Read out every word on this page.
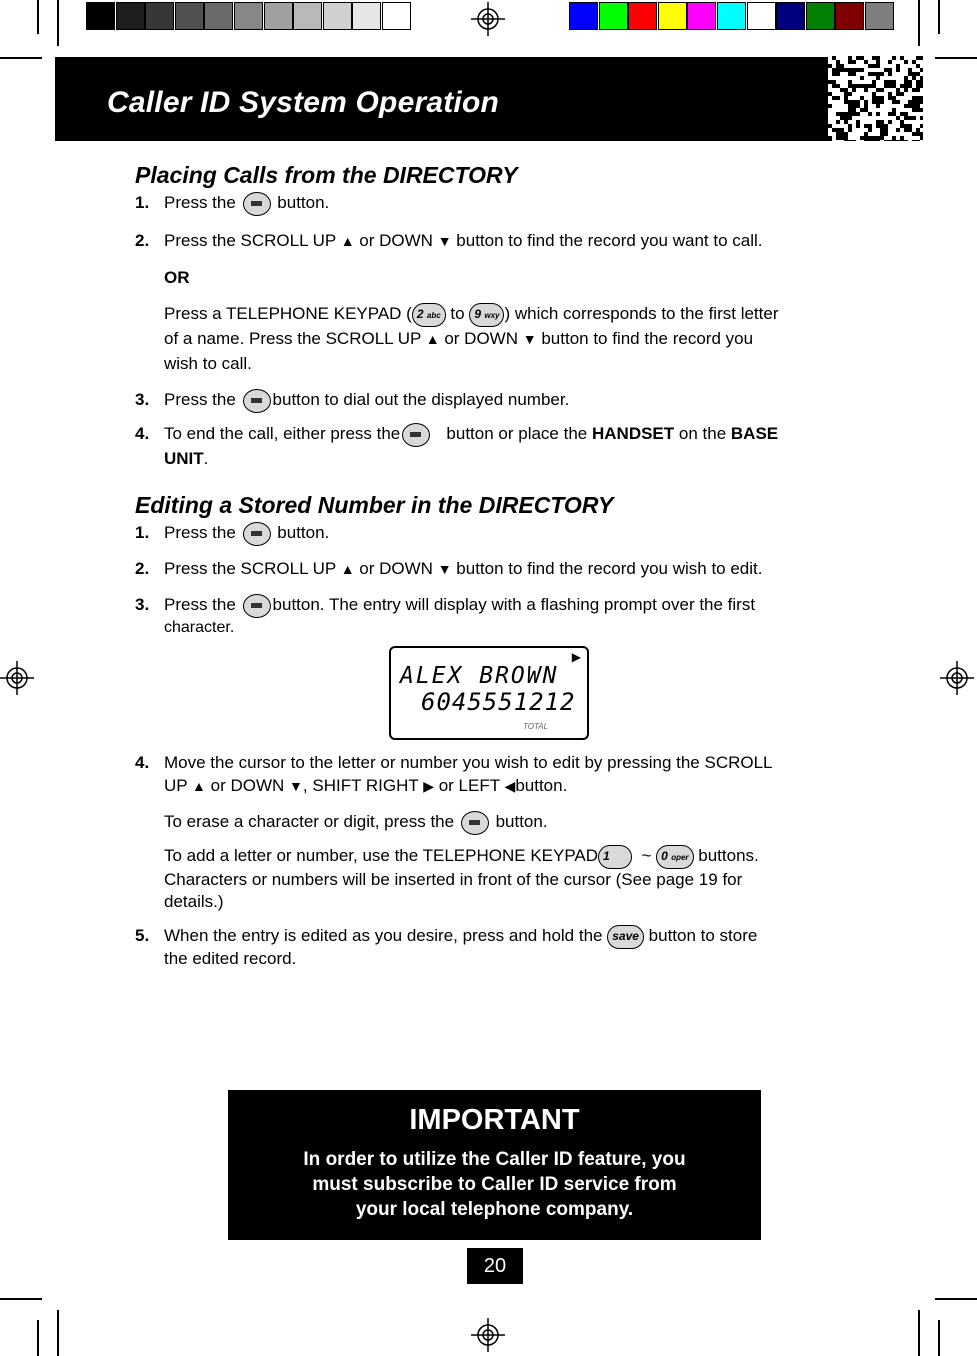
Caller ID System Operation
Placing Calls from the DIRECTORY
1. Press the button.
2. Press the SCROLL UP ▲ or DOWN ▼ button to find the record you want to call.
OR
Press a TELEPHONE KEYPAD ( 2 abc to 9 wxy ) which corresponds to the first letter
of a name. Press the SCROLL UP ▲ or DOWN ▼ button to find the record you
wish to call.
3. Press the button to dial out the displayed number.
4. To end the call, either press the	button or place the HANDSET on the BASE
UNIT.
Editing a Stored Number in the DIRECTORY
1. Press the button.
2. Press the SCROLL UP ▲ or DOWN ▼ button to find the record you wish to edit.
3. Press the button. The entry will display with a flashing prompt over the first
character.
▶
ALEX BROWN
6045551212
TOTAL
4. Move the cursor to the letter or number you wish to edit by pressing the SCROLL
UP ▲ or DOWN ▼, SHIFT RIGHT ▶ or LEFT ◀button.
To erase a character or digit, press the button.
To add a letter or number, use the TELEPHONE KEYPAD 1 ~ 0 oper buttons.
Characters or numbers will be inserted in front of the cursor (See page 19 for
details.)
5. When the entry is edited as you desire, press and hold the save button to store
the edited record.
IMPORTANT
In order to utilize the Caller ID feature, you
must subscribe to Caller ID service from
your local telephone company.
20
